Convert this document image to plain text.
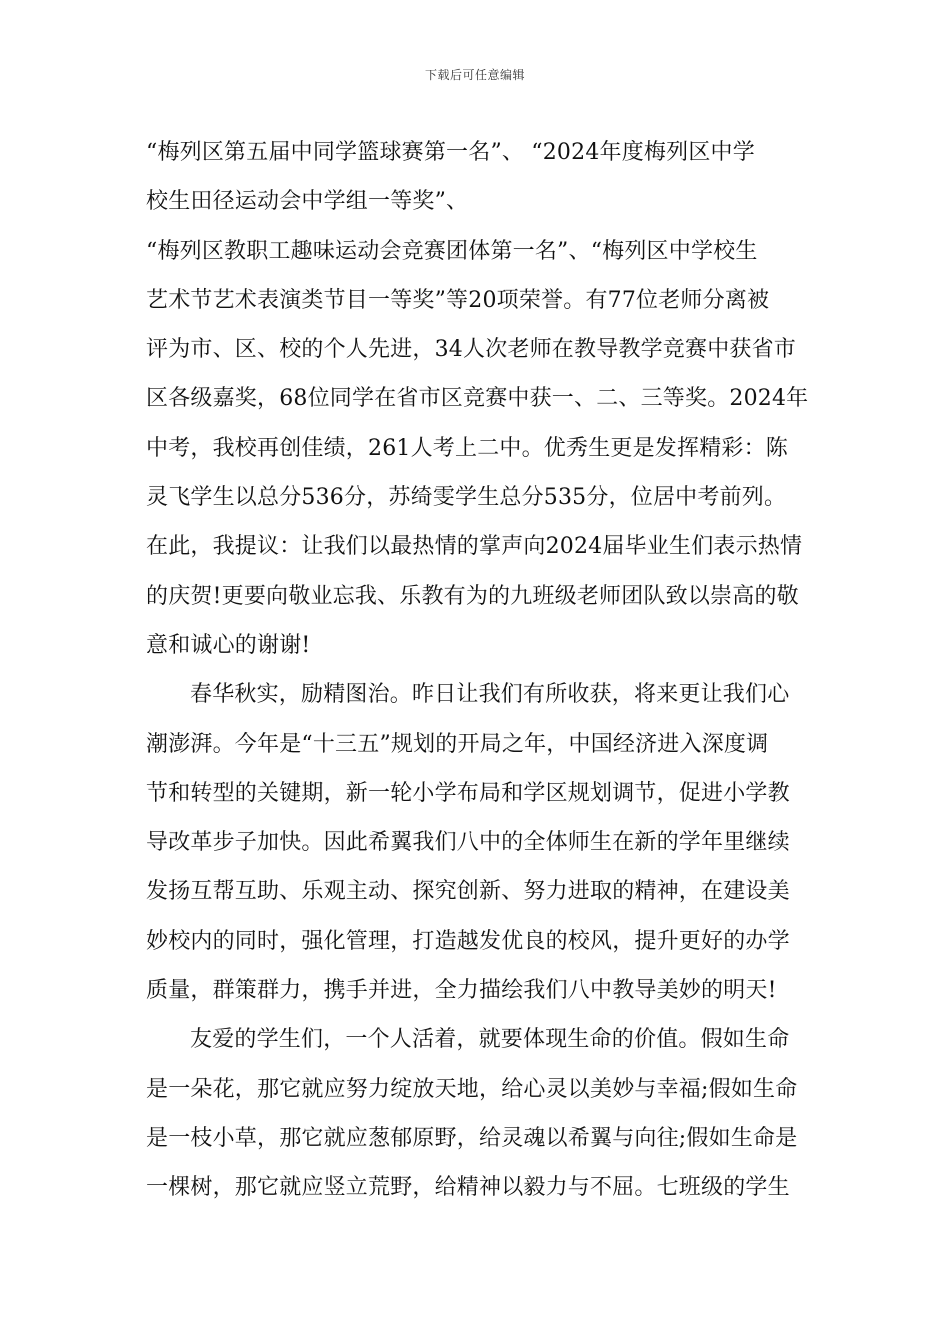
下载后可任意编辑
“梅列区第五届中同学篮球赛第一名”、 “2024年度梅列区中学
校生田径运动会中学组一等奖”、
“梅列区教职工趣味运动会竞赛团体第一名”、“梅列区中学校生
艺术节艺术表演类节目一等奖”等20项荣誉。有77位老师分离被
评为市、区、校的个人先进，34人次老师在教导教学竞赛中获省市
区各级嘉奖，68位同学在省市区竞赛中获一、二、三等奖。2024年
中考，我校再创佳绩，261人考上二中。优秀生更是发挥精彩：陈
灵飞学生以总分536分，苏绮雯学生总分535分，位居中考前列。
在此，我提议：让我们以最热情的掌声向2024届毕业生们表示热情
的庆贺!更要向敬业忘我、乐教有为的九班级老师团队致以崇高的敬
意和诚心的谢谢!
春华秋实，励精图治。昨日让我们有所收获，将来更让我们心
潮澎湃。今年是“十三五”规划的开局之年，中国经济进入深度调
节和转型的关键期，新一轮小学布局和学区规划调节，促进小学教
导改革步子加快。因此希翼我们八中的全体师生在新的学年里继续
发扬互帮互助、乐观主动、探究创新、努力进取的精神，在建设美
妙校内的同时，强化管理，打造越发优良的校风，提升更好的办学
质量，群策群力，携手并进，全力描绘我们八中教导美妙的明天!
友爱的学生们，一个人活着，就要体现生命的价值。假如生命
是一朵花，那它就应努力绽放天地，给心灵以美妙与幸福;假如生命
是一枝小草，那它就应葱郁原野，给灵魂以希翼与向往;假如生命是
一棵树，那它就应竖立荒野，给精神以毅力与不屈。七班级的学生
